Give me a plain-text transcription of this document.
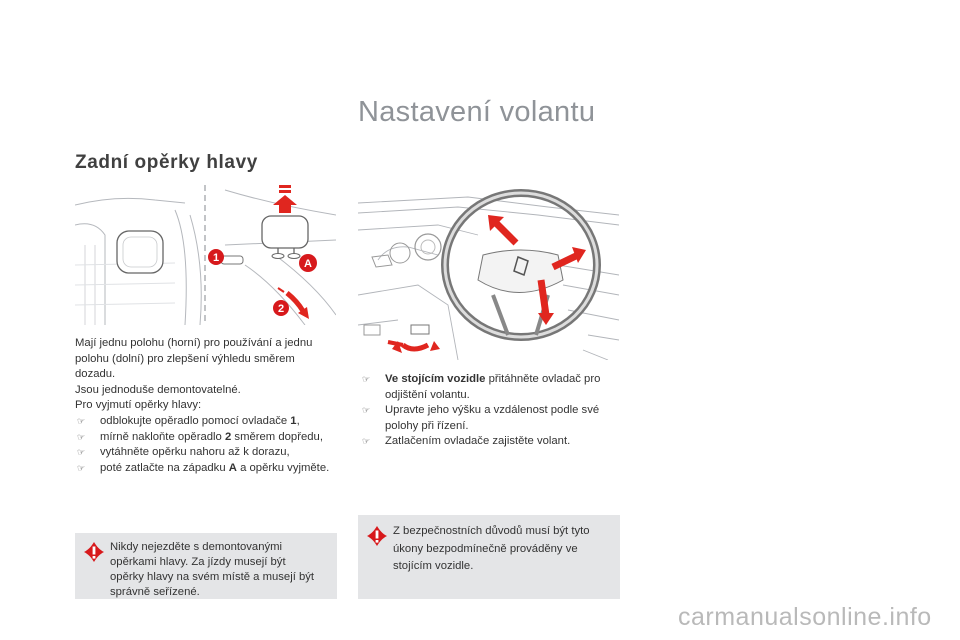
Nastavení volantu
Zadní opěrky hlavy
1	A
2
Mají jednu polohu (horní) pro používání a jednu
polohu (dolní) pro zlepšení výhledu směrem
dozadu.
Jsou jednoduše demontovatelné.
Pro vyjmutí opěrky hlavy:
☞ odblokujte opěradlo pomocí ovladače 1,
☞ mírně nakloňte opěradlo 2 směrem dopředu,
☞ vytáhněte opěrku nahoru až k dorazu,
☞ poté zatlačte na západku A a opěrku vyjměte.
☞ Ve stojícím vozidle přitáhněte ovladač pro odjištění volantu.
☞ Upravte jeho výšku a vzdálenost podle své polohy při řízení.
☞ Zatlačením ovladače zajistěte volant.
Nikdy nejezděte s demontovanými opěrkami hlavy. Za jízdy musejí být opěrky hlavy na svém místě a musejí být správně seřízené.
Z bezpečnostních důvodů musí být tyto úkony bezpodmínečně prováděny ve stojícím vozidle.
carmanualsonline.info
